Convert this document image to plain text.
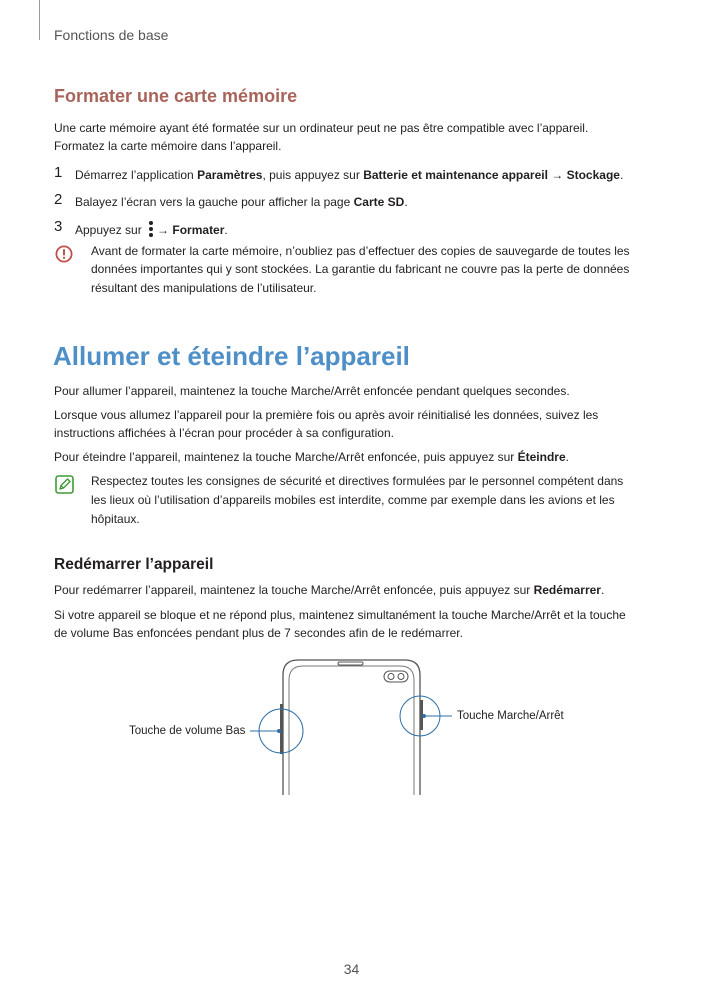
Fonctions de base
Formater une carte mémoire
Une carte mémoire ayant été formatée sur un ordinateur peut ne pas être compatible avec l’appareil.
Formatez la carte mémoire dans l’appareil.
1 Démarrez l’application Paramètres, puis appuyez sur Batterie et maintenance appareil → Stockage.
2 Balayez l’écran vers la gauche pour afficher la page Carte SD.
3 Appuyez sur
→ Formater.
Avant de formater la carte mémoire, n’oubliez pas d’effectuer des copies de sauvegarde de toutes les
données importantes qui y sont stockées. La garantie du fabricant ne couvre pas la perte de données
résultant des manipulations de l’utilisateur.
Allumer et éteindre l’appareil
Pour allumer l’appareil, maintenez la touche Marche/Arrêt enfoncée pendant quelques secondes.
Lorsque vous allumez l’appareil pour la première fois ou après avoir réinitialisé les données, suivez les
instructions affichées à l’écran pour procéder à sa configuration.
Pour éteindre l’appareil, maintenez la touche Marche/Arrêt enfoncée, puis appuyez sur Éteindre.
Respectez toutes les consignes de sécurité et directives formulées par le personnel compétent dans
les lieux où l’utilisation d’appareils mobiles est interdite, comme par exemple dans les avions et les
hôpitaux.
Redémarrer l’appareil
Pour redémarrer l’appareil, maintenez la touche Marche/Arrêt enfoncée, puis appuyez sur Redémarrer.
Si votre appareil se bloque et ne répond plus, maintenez simultanément la touche Marche/Arrêt et la touche
de volume Bas enfoncées pendant plus de 7 secondes afin de le redémarrer.
Touche de volume Bas
Touche Marche/Arrêt
34
